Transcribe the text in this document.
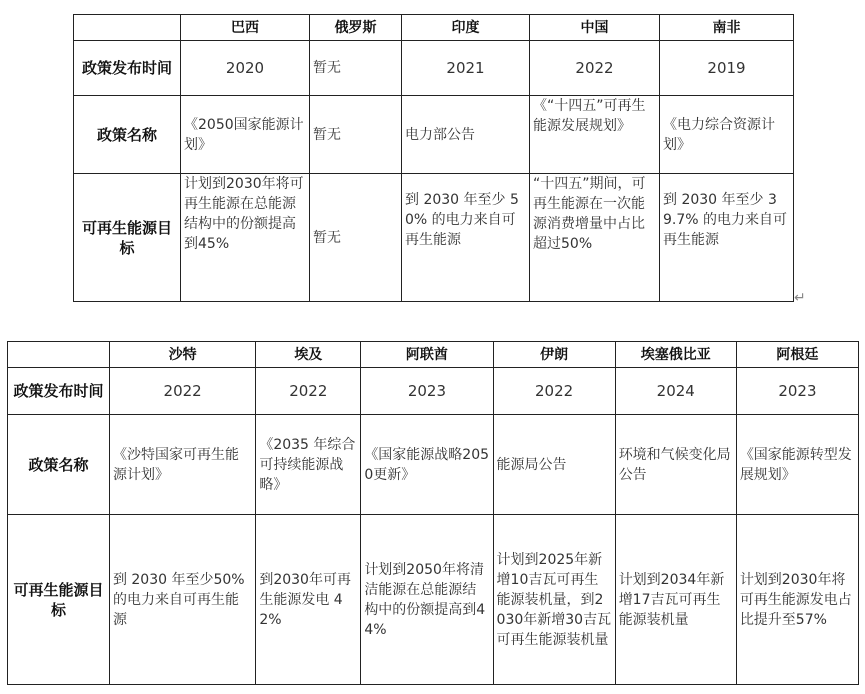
	巴西	俄罗斯	印度	中国	南非
政策发布时间	2020	暂无	2021	2022	2019
政策名称	《2050国家能源计划》	暂无	电力部公告	《“十四五”可再生能源发展规划》	《电力综合资源计划》
可再生能源目标	计划到2030年将可再生能源在总能源结构中的份额提高到45%	暂无	到 2030 年至少 50% 的电力来自可再生能源	“十四五”期间，可再生能源在一次能源消费增量中占比超过50%	到 2030 年至少 39.7% 的电力来自可再生能源
↵
	沙特	埃及	阿联酋	伊朗	埃塞俄比亚	阿根廷
政策发布时间	2022	2022	2023	2022	2024	2023
政策名称	《沙特国家可再生能源计划》	《2035 年综合可持续能源战略》	《国家能源战略2050更新》	能源局公告	环境和气候变化局公告	《国家能源转型发展规划》
可再生能源目标	到 2030 年至少50%的电力来自可再生能源	到2030年可再生能源发电 42%	计划到2050年将清洁能源在总能源结构中的份额提高到44%	计划到2025年新增10吉瓦可再生能源装机量，到2030年新增30吉瓦可再生能源装机量	计划到2034年新增17吉瓦可再生能源装机量	计划到2030年将可再生能源发电占比提升至57%
